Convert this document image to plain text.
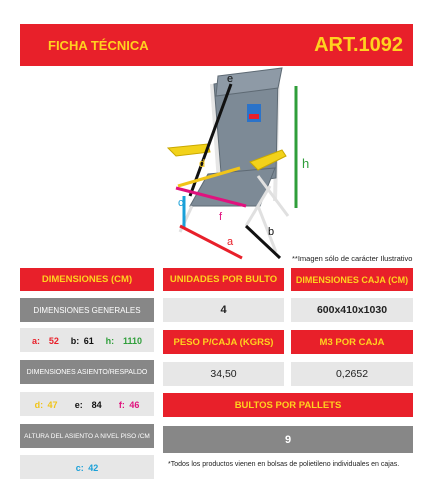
FICHA TÉCNICA	ART.1092
e
h
d
f
c
a
b
**Imagen sólo de carácter Ilustrativo
DIMENSIONES (CM)
DIMENSIONES GENERALES
a: 52 b: 61 h: 1110
DIMENSIONES ASIENTO/RESPALDO
d: 47 e: 84 f: 46
ALTURA DEL ASIENTO A NIVEL PISO /CM
c: 42
UNIDADES POR BULTO	DIMENSIONES CAJA (CM)
4	600x410x1030
PESO P/CAJA (KGRS)	M3 POR CAJA
34,50	0,2652
BULTOS POR PALLETS
9
*Todos los productos vienen en bolsas de polietileno individuales en cajas.
